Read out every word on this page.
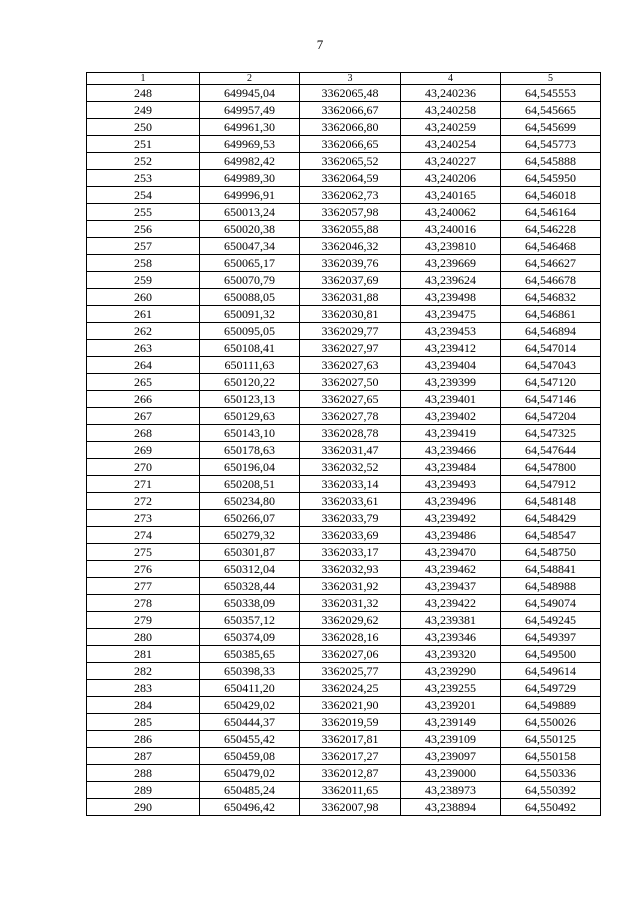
7
1	2	3	4	5
248	649945,04	3362065,48	43,240236	64,545553
249	649957,49	3362066,67	43,240258	64,545665
250	649961,30	3362066,80	43,240259	64,545699
251	649969,53	3362066,65	43,240254	64,545773
252	649982,42	3362065,52	43,240227	64,545888
253	649989,30	3362064,59	43,240206	64,545950
254	649996,91	3362062,73	43,240165	64,546018
255	650013,24	3362057,98	43,240062	64,546164
256	650020,38	3362055,88	43,240016	64,546228
257	650047,34	3362046,32	43,239810	64,546468
258	650065,17	3362039,76	43,239669	64,546627
259	650070,79	3362037,69	43,239624	64,546678
260	650088,05	3362031,88	43,239498	64,546832
261	650091,32	3362030,81	43,239475	64,546861
262	650095,05	3362029,77	43,239453	64,546894
263	650108,41	3362027,97	43,239412	64,547014
264	650111,63	3362027,63	43,239404	64,547043
265	650120,22	3362027,50	43,239399	64,547120
266	650123,13	3362027,65	43,239401	64,547146
267	650129,63	3362027,78	43,239402	64,547204
268	650143,10	3362028,78	43,239419	64,547325
269	650178,63	3362031,47	43,239466	64,547644
270	650196,04	3362032,52	43,239484	64,547800
271	650208,51	3362033,14	43,239493	64,547912
272	650234,80	3362033,61	43,239496	64,548148
273	650266,07	3362033,79	43,239492	64,548429
274	650279,32	3362033,69	43,239486	64,548547
275	650301,87	3362033,17	43,239470	64,548750
276	650312,04	3362032,93	43,239462	64,548841
277	650328,44	3362031,92	43,239437	64,548988
278	650338,09	3362031,32	43,239422	64,549074
279	650357,12	3362029,62	43,239381	64,549245
280	650374,09	3362028,16	43,239346	64,549397
281	650385,65	3362027,06	43,239320	64,549500
282	650398,33	3362025,77	43,239290	64,549614
283	650411,20	3362024,25	43,239255	64,549729
284	650429,02	3362021,90	43,239201	64,549889
285	650444,37	3362019,59	43,239149	64,550026
286	650455,42	3362017,81	43,239109	64,550125
287	650459,08	3362017,27	43,239097	64,550158
288	650479,02	3362012,87	43,239000	64,550336
289	650485,24	3362011,65	43,238973	64,550392
290	650496,42	3362007,98	43,238894	64,550492
